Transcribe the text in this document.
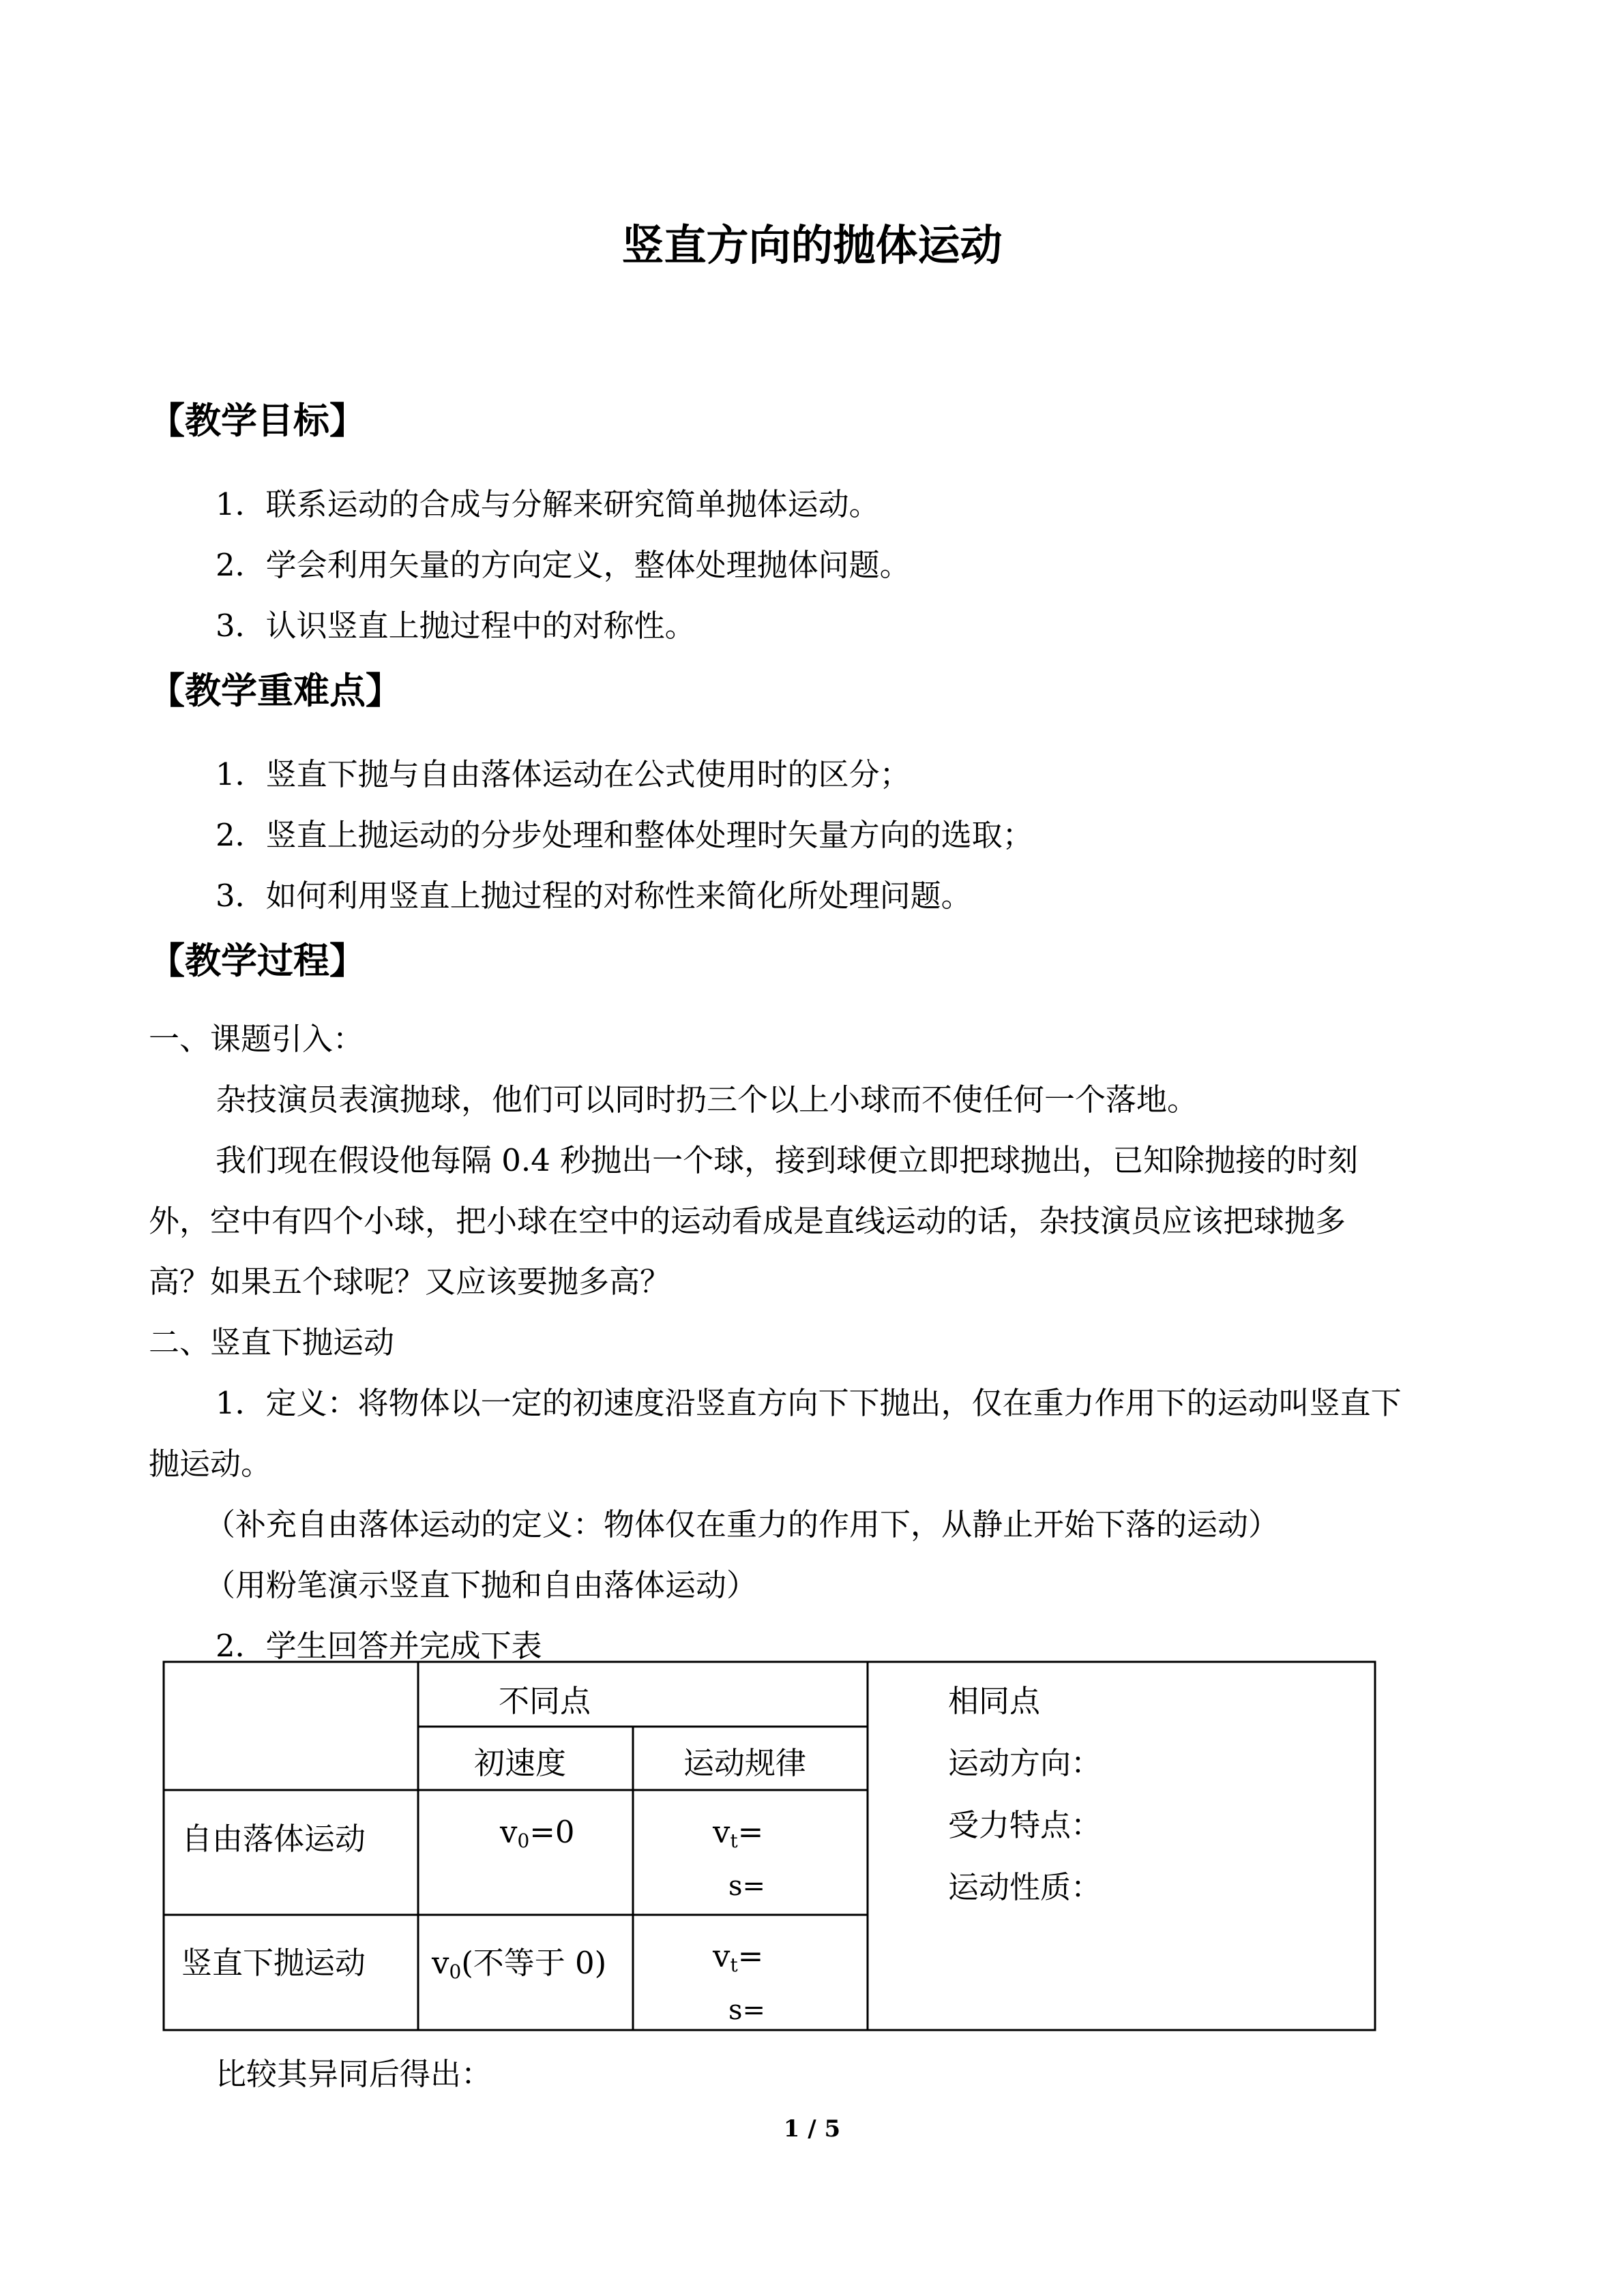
竖直方向的抛体运动
【教学目标】
1．联系运动的合成与分解来研究简单抛体运动。
2．学会利用矢量的方向定义，整体处理抛体问题。
3．认识竖直上抛过程中的对称性。
【教学重难点】
1．竖直下抛与自由落体运动在公式使用时的区分；
2．竖直上抛运动的分步处理和整体处理时矢量方向的选取；
3．如何利用竖直上抛过程的对称性来简化所处理问题。
【教学过程】
一、课题引入：
杂技演员表演抛球，他们可以同时扔三个以上小球而不使任何一个落地。
我们现在假设他每隔 0.4 秒抛出一个球，接到球便立即把球抛出，已知除抛接的时刻
外，空中有四个小球，把小球在空中的运动看成是直线运动的话，杂技演员应该把球抛多
高？如果五个球呢？又应该要抛多高？
二、竖直下抛运动
1．定义：将物体以一定的初速度沿竖直方向下下抛出，仅在重力作用下的运动叫竖直下
抛运动。
（补充自由落体运动的定义：物体仅在重力的作用下，从静止开始下落的运动）
（用粉笔演示竖直下抛和自由落体运动）
2．学生回答并完成下表
不同点	相同点
初速度	运动规律	运动方向：
受力特点：
运动性质：
自由落体运动	$v_0=0$	$v_t=$
s=
竖直下抛运动 $v_0$(不等于 0)	$v_t=$
s=
比较其异同后得出：
1 / 5
